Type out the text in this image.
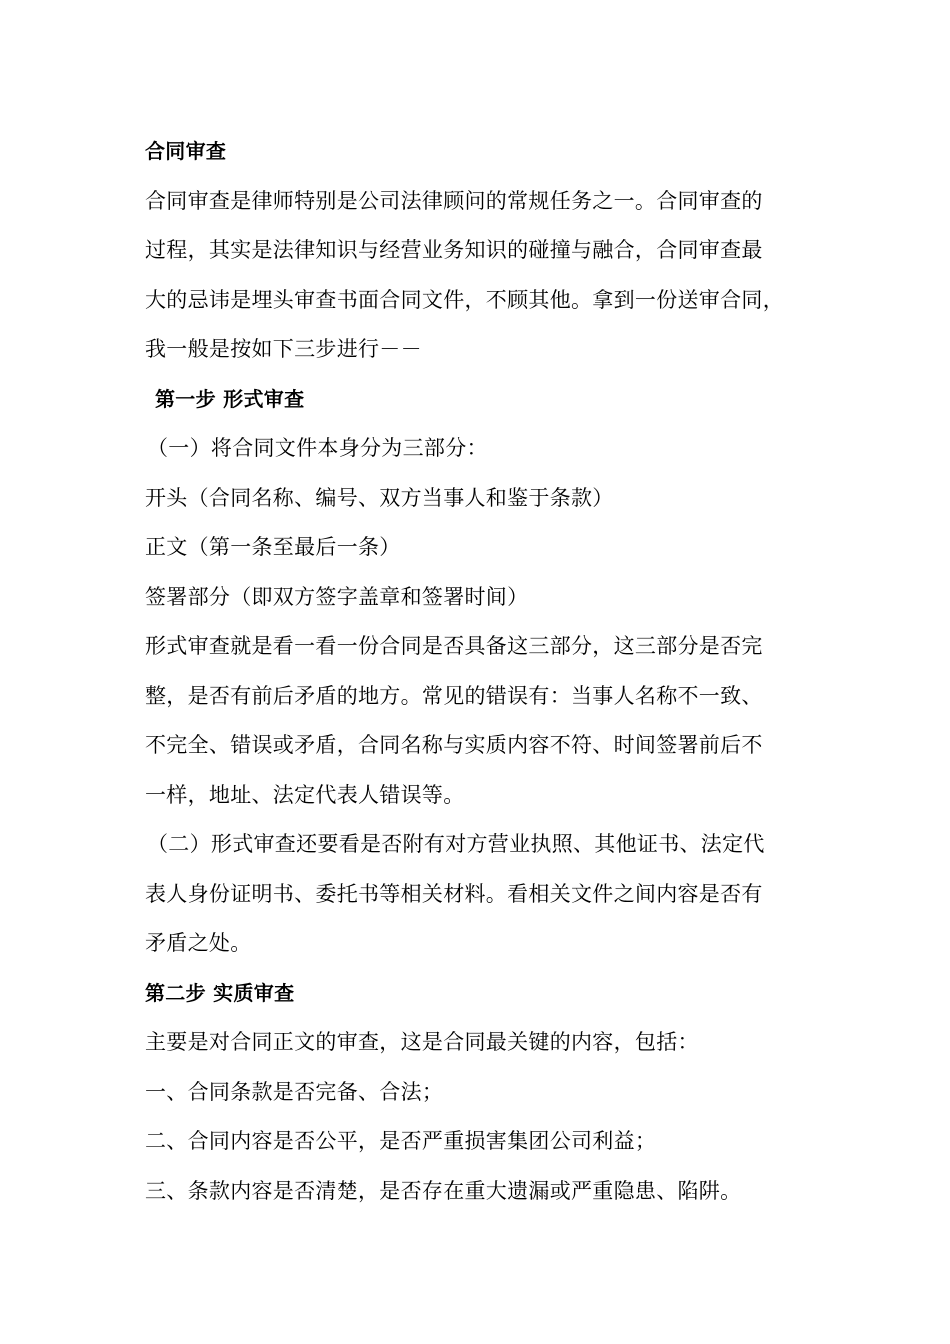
合同审查
合同审查是律师特别是公司法律顾问的常规任务之一。合同审查的
过程，其实是法律知识与经营业务知识的碰撞与融合，合同审查最
大的忌讳是埋头审查书面合同文件，不顾其他。拿到一份送审合同，
我一般是按如下三步进行－－
第一步 形式审查
（一）将合同文件本身分为三部分：
开头（合同名称、编号、双方当事人和鉴于条款）
正文（第一条至最后一条）
签署部分（即双方签字盖章和签署时间）
形式审查就是看一看一份合同是否具备这三部分，这三部分是否完
整，是否有前后矛盾的地方。常见的错误有：当事人名称不一致、
不完全、错误或矛盾，合同名称与实质内容不符、时间签署前后不
一样，地址、法定代表人错误等。
（二）形式审查还要看是否附有对方营业执照、其他证书、法定代
表人身份证明书、委托书等相关材料。看相关文件之间内容是否有
矛盾之处。
第二步 实质审查
主要是对合同正文的审查，这是合同最关键的内容，包括：
一、合同条款是否完备、合法；
二、合同内容是否公平，是否严重损害集团公司利益；
三、条款内容是否清楚，是否存在重大遗漏或严重隐患、陷阱。
